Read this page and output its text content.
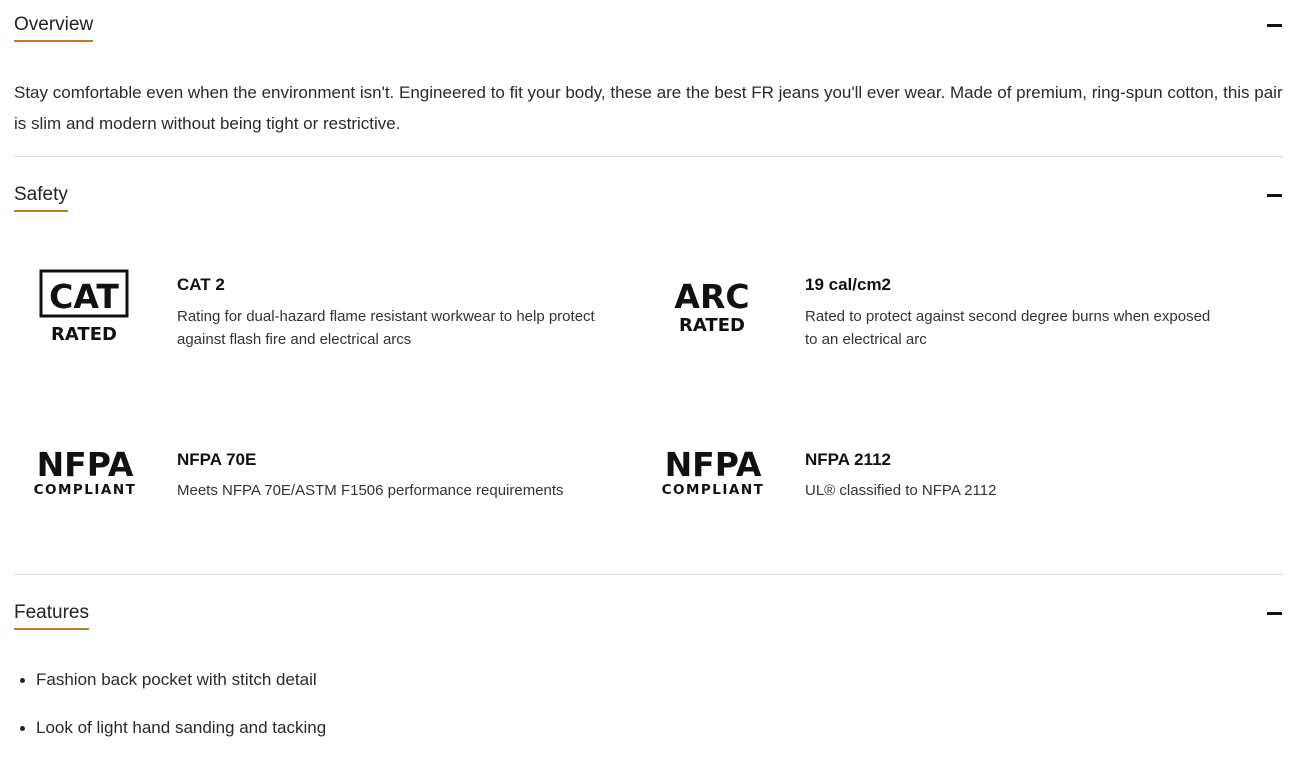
Overview
Stay comfortable even when the environment isn't. Engineered to fit your body, these are the best FR jeans you'll ever wear. Made of premium, ring-spun cotton, this pair is slim and modern without being tight or restrictive.
Safety
CAT
RATED
CAT 2
Rating for dual-hazard flame resistant workwear to help protect against flash fire and electrical arcs
ARC
RATED
19 cal/cm2
Rated to protect against second degree burns when exposed to an electrical arc
NFPA
COMPLIANT
NFPA 70E
Meets NFPA 70E/ASTM F1506 performance requirements
NFPA
COMPLIANT
NFPA 2112
UL® classified to NFPA 2112
Features
Fashion back pocket with stitch detail
Look of light hand sanding and tacking
